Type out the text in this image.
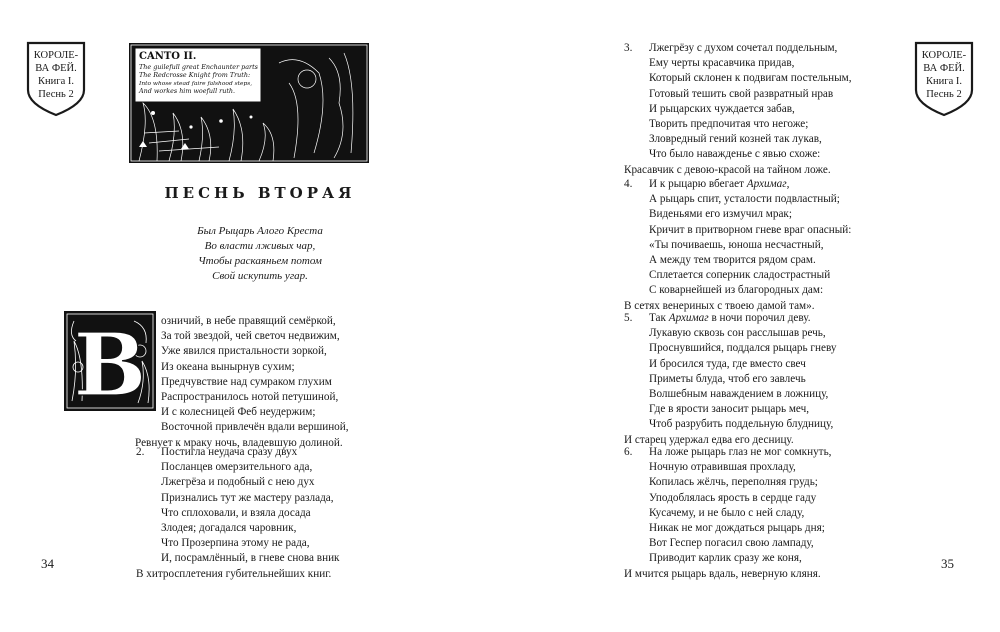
КОРОЛЕ-
ВА ФЕЙ.
Книга I.
Песнь 2
CANTO II.
The guilefull great Enchaunter parts
The Redcrosse Knight from Truth:
Into whose stead faire falshood steps,
And workes him woefull ruth.
ПЕСНЬ ВТОРАЯ
Был Рыцарь Алого Креста
Во власти лживых чар,
Чтобы раскаяньем потом
Свой искупить угар.
В озничий, в небе правящий семёркой,
За той звездой, чей светоч недвижим,
Уже явился пристальности зоркой,
Из океана вынырнув сухим;
Предчувствие над сумраком глухим
Распространилось нотой петушиной,
И с колесницей Феб неудержим;
Восточной привлечён вдали вершиной,
Ревнует к мраку ночь, владевшую долиной.
2.	Постигла неудача сразу двух
Посланцев омерзительного ада,
Лжегрёза и подобный с нею дух
Признались тут же мастеру разлада,
Что сплоховали, и взяла досада
Злодея; догадался чаровник,
Что Прозерпина этому не рада,
И, посрамлённый, в гневе снова вник
В хитросплетения губительнейших книг.
34
КОРОЛЕ-
ВА ФЕЙ.
Книга I.
Песнь 2
3.	Лжегрёзу с духом сочетал поддельным,
Ему черты красавчика придав,
Который склонен к подвигам постельным,
Готовый тешить свой развратный нрав
И рыцарских чуждается забав,
Творить предпочитая что негоже;
Зловредный гений козней так лукав,
Что было наважденье с явью схоже:
Красавчик с девою-красой на тайном ложе.
4.	И к рыцарю вбегает Архимаг,
А рыцарь спит, усталости подвластный;
Виденьями его измучил мрак;
Кричит в притворном гневе враг опасный:
«Ты почиваешь, юноша несчастный,
А между тем творится рядом срам.
Сплетается соперник сладострастный
С коварнейшей из благородных дам:
В сетях венериных с твоею дамой там».
5.	Так Архимаг в ночи порочил деву.
Лукавую сквозь сон расслышав речь,
Проснувшийся, поддался рыцарь гневу
И бросился туда, где вместо свеч
Приметы блуда, чтоб его завлечь
Волшебным наваждением в ложницу,
Где в ярости заносит рыцарь меч,
Чтоб разрубить поддельную блудницу,
И старец удержал едва его десницу.
6.	На ложе рыцарь глаз не мог сомкнуть,
Ночную отравившая прохладу,
Копилась жёлчь, переполняя грудь;
Уподоблялась ярость в сердце гаду
Кусачему, и не было с ней сладу,
Никак не мог дождаться рыцарь дня;
Вот Геспер погасил свою лампаду,
Приводит карлик сразу же коня,
И мчится рыцарь вдаль, неверную кляня.
35
